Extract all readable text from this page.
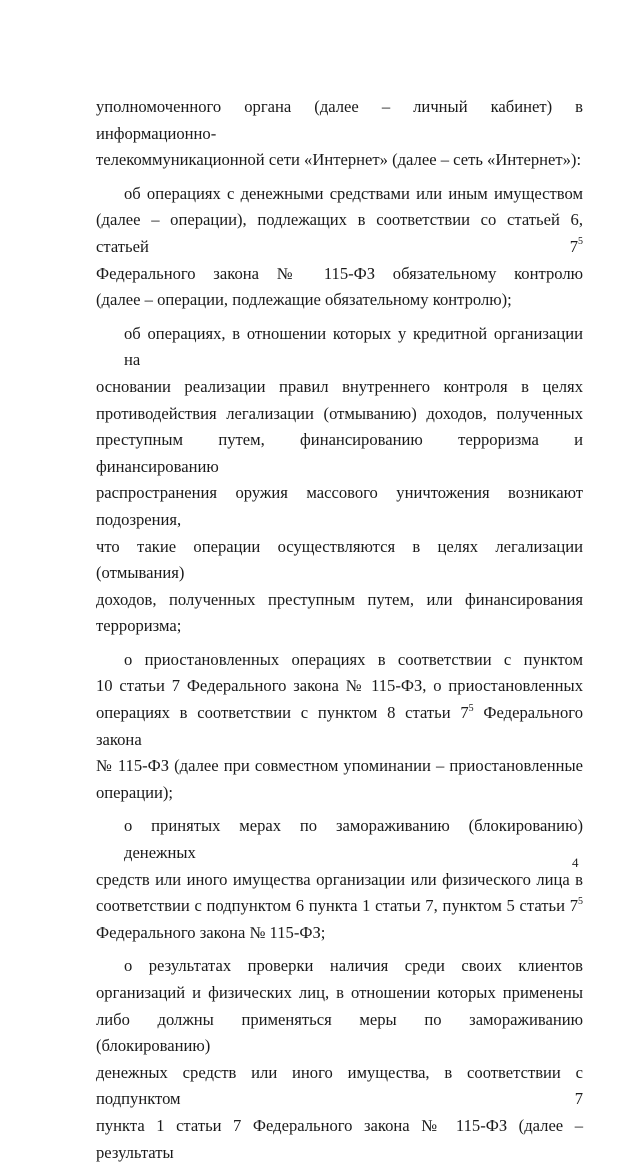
уполномоченного органа (далее – личный кабинет) в информационно-
телекоммуникационной сети «Интернет» (далее – сеть «Интернет»):

об операциях с денежными средствами или иным имуществом
(далее – операции), подлежащих в соответствии со статьей 6, статьей $7^5$
Федерального закона № 115-ФЗ обязательному контролю
(далее – операции, подлежащие обязательному контролю);

об операциях, в отношении которых у кредитной организации на
основании реализации правил внутреннего контроля в целях
противодействия легализации (отмыванию) доходов, полученных
преступным путем, финансированию терроризма и финансированию
распространения оружия массового уничтожения возникают подозрения,
что такие операции осуществляются в целях легализации (отмывания)
доходов, полученных преступным путем, или финансирования терроризма;

о приостановленных операциях в соответствии с пунктом
10 статьи 7 Федерального закона № 115-ФЗ, о приостановленных
операциях в соответствии с пунктом 8 статьи $7^5$ Федерального закона
№ 115-ФЗ (далее при совместном упоминании – приостановленные
операции);

о принятых мерах по замораживанию (блокированию) денежных
средств или иного имущества организации или физического лица в
соответствии с подпунктом 6 пункта 1 статьи 7, пунктом 5 статьи $7^5$
Федерального закона № 115-ФЗ;

о результатах проверки наличия среди своих клиентов
организаций и физических лиц, в отношении которых применены
либо должны применяться меры по замораживанию (блокированию)
денежных средств или иного имущества, в соответствии с подпунктом 7
пункта 1 статьи 7 Федерального закона № 115-ФЗ (далее – результаты

4
